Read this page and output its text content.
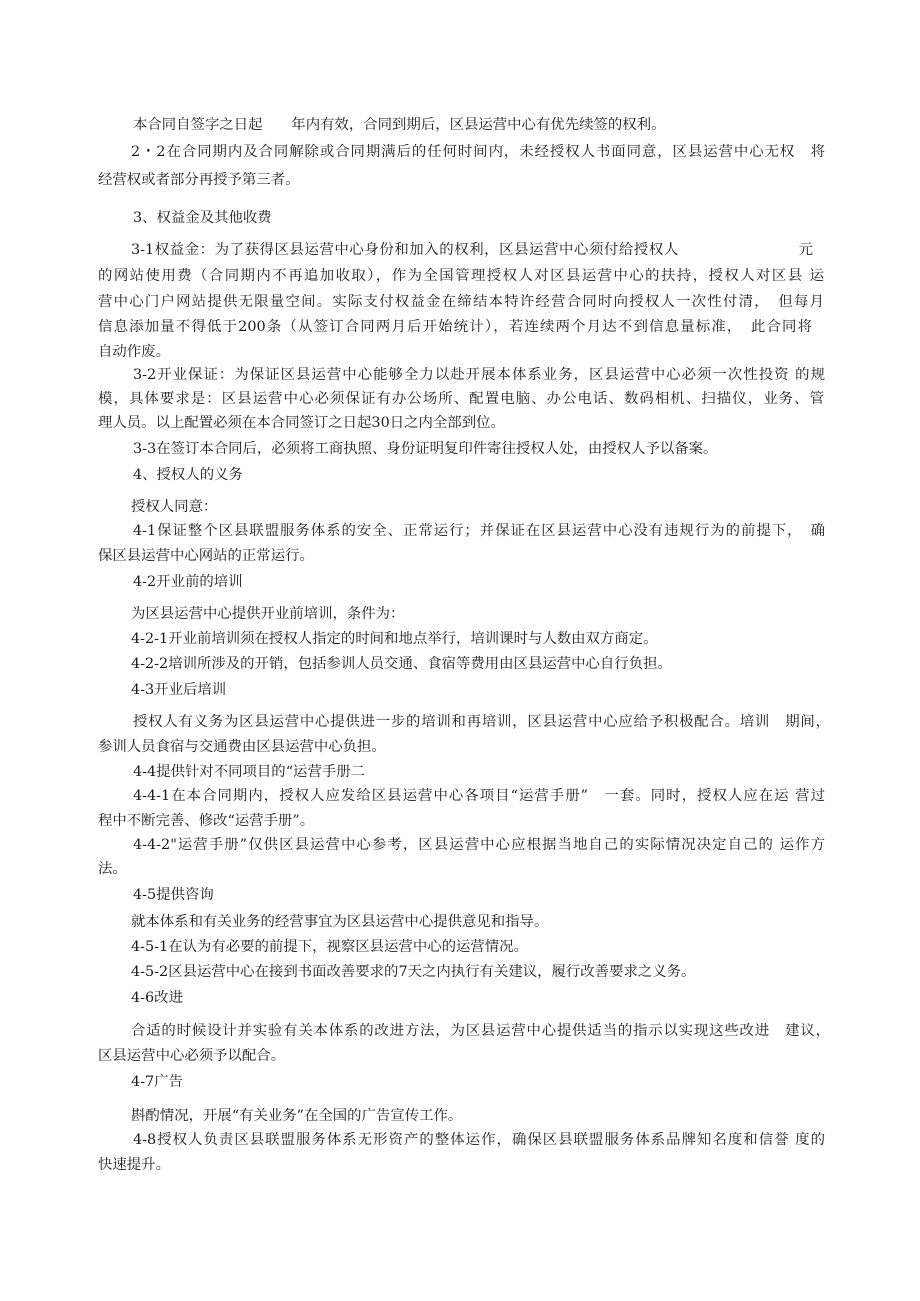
本合同自签字之日起　　年内有效，合同到期后，区县运营中心有优先续签的权利。
2・2在合同期内及合同解除或合同期满后的任何时间内，未经授权人书面同意，区县运营中心无权　将
经营权或者部分再授予第三者。
3、权益金及其他收费
3-1权益金：为了获得区县运营中心身份和加入的权利，区县运营中心须付给授权人　　　　　　　　元
的网站使用费（合同期内不再追加收取），作为全国管理授权人对区县运营中心的扶持，授权人对区县 运
营中心门户网站提供无限量空间。实际支付权益金在缔结本特许经营合同时向授权人一次性付清，　但每月
信息添加量不得低于200条（从签订合同两月后开始统计），若连续两个月达不到信息量标准，　此合同将
自动作废。
3-2开业保证：为保证区县运营中心能够全力以赴开展本体系业务，区县运营中心必须一次性投资 的规
模，具体要求是：区县运营中心必须保证有办公场所、配置电脑、办公电话、数码相机、扫描仪，业务、管
理人员。以上配置必须在本合同签订之日起30日之内全部到位。
3-3在签订本合同后，必须将工商执照、身份证明复印件寄往授权人处，由授权人予以备案。
4、授权人的义务
授权人同意：
4-1保证整个区县联盟服务体系的安全、正常运行；并保证在区县运营中心没有违规行为的前提下，　确
保区县运营中心网站的正常运行。
4-2开业前的培训
为区县运营中心提供开业前培训，条件为：
4-2-1开业前培训须在授权人指定的时间和地点举行，培训课时与人数由双方商定。
4-2-2培训所涉及的开销，包括参训人员交通、食宿等费用由区县运营中心自行负担。
4-3开业后培训
授权人有义务为区县运营中心提供进一步的培训和再培训，区县运营中心应给予积极配合。培训　期间，
参训人员食宿与交通费由区县运营中心负担。
4-4提供针对不同项目的“运营手册二
4-4-1在本合同期内，授权人应发给区县运营中心各项目“运营手册”　一套。同时，授权人应在运 营过
程中不断完善、修改“运营手册”。
4-4-2"运营手册”仅供区县运营中心参考，区县运营中心应根据当地自己的实际情况决定自己的 运作方
法。
4-5提供咨询
就本体系和有关业务的经营事宜为区县运营中心提供意见和指导。
4-5-1在认为有必要的前提下，视察区县运营中心的运营情况。
4-5-2区县运营中心在接到书面改善要求的7天之内执行有关建议，履行改善要求之义务。
4-6改进
合适的时候设计并实验有关本体系的改进方法，为区县运营中心提供适当的指示以实现这些改进　建议，
区县运营中心必须予以配合。
4-7广告
斟酌情况，开展“有关业务”在全国的广告宣传工作。
4-8授权人负责区县联盟服务体系无形资产的整体运作，确保区县联盟服务体系品牌知名度和信誉 度的
快速提升。
